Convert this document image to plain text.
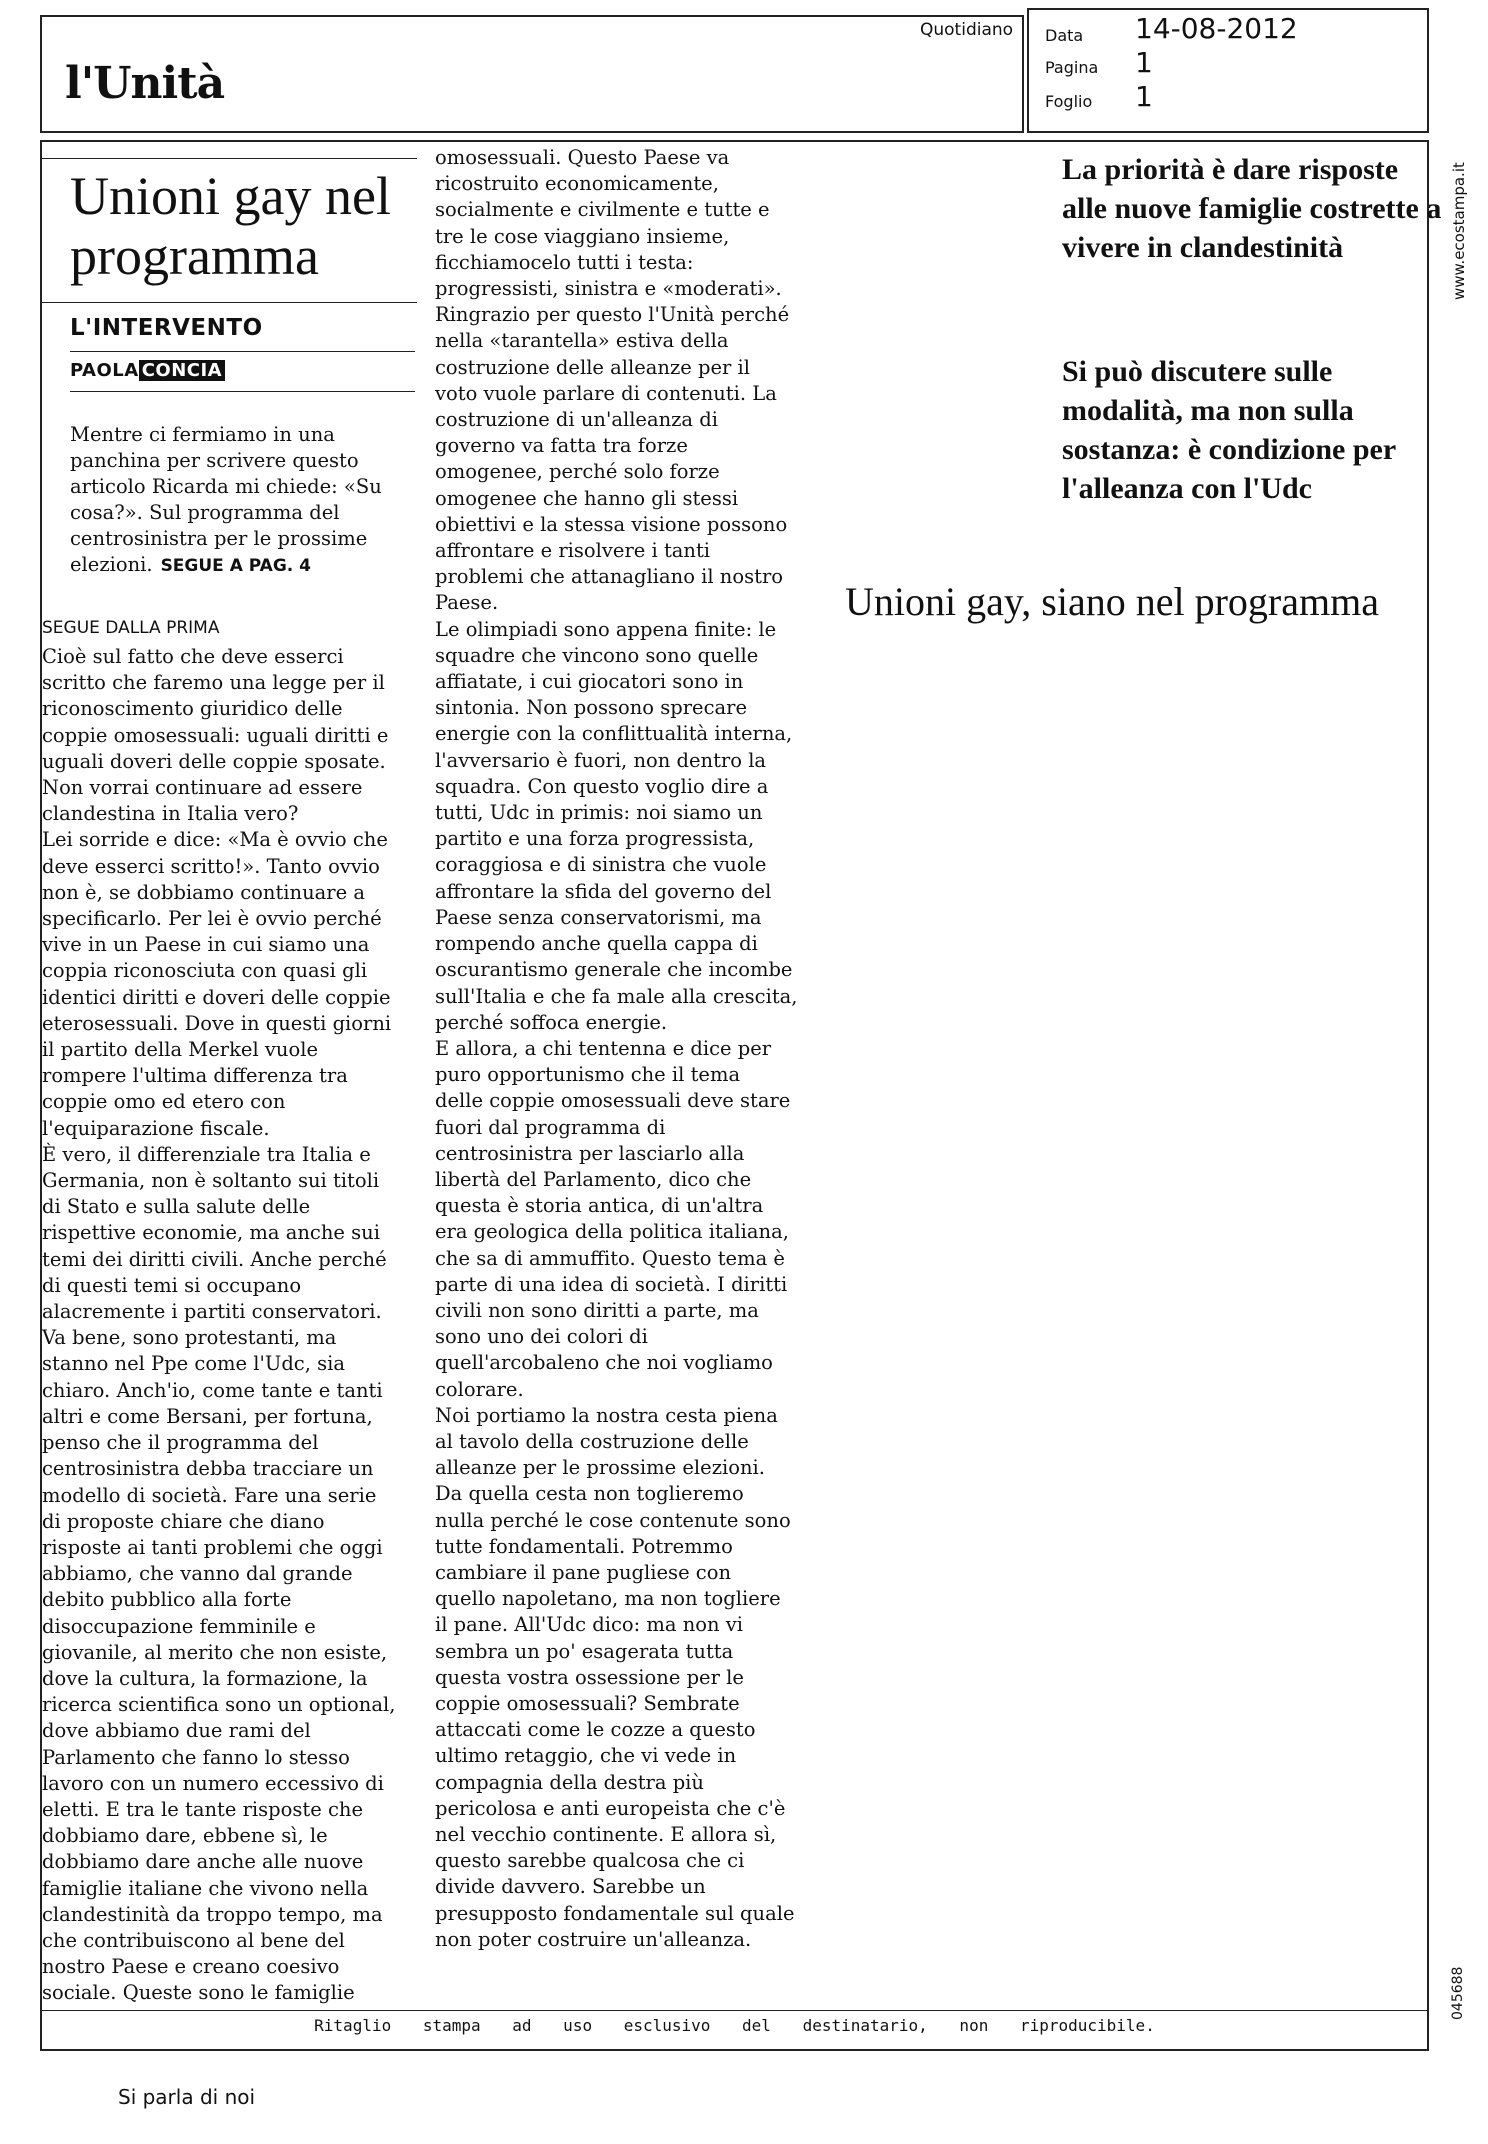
l'Unità
Quotidiano Data 14-08-2012
Pagina 1
Foglio 1
Unioni gay nel programma
L'INTERVENTO
PAOLA CONCIA
Mentre ci fermiamo in una panchina per scrivere questo articolo Ricarda mi chiede: «Su cosa?». Sul programma del centrosinistra per le prossime elezioni. SEGUE A PAG. 4
SEGUE DALLA PRIMA
Cioè sul fatto che deve esserci
scritto che faremo una legge per il
riconoscimento giuridico delle
coppie omosessuali: uguali diritti e
uguali doveri delle coppie sposate.
Non vorrai continuare ad essere
clandestina in Italia vero?
Lei sorride e dice: «Ma è ovvio che
deve esserci scritto!». Tanto ovvio
non è, se dobbiamo continuare a
specificarlo. Per lei è ovvio perché
vive in un Paese in cui siamo una
coppia riconosciuta con quasi gli
identici diritti e doveri delle coppie
eterosessuali. Dove in questi giorni
il partito della Merkel vuole
rompere l'ultima differenza tra
coppie omo ed etero con
l'equiparazione fiscale.
È vero, il differenziale tra Italia e
Germania, non è soltanto sui titoli
di Stato e sulla salute delle
rispettive economie, ma anche sui
temi dei diritti civili. Anche perché
di questi temi si occupano
alacremente i partiti conservatori.
Va bene, sono protestanti, ma
stanno nel Ppe come l'Udc, sia
chiaro. Anch'io, come tante e tanti
altri e come Bersani, per fortuna,
penso che il programma del
centrosinistra debba tracciare un
modello di società. Fare una serie
di proposte chiare che diano
risposte ai tanti problemi che oggi
abbiamo, che vanno dal grande
debito pubblico alla forte
disoccupazione femminile e
giovanile, al merito che non esiste,
dove la cultura, la formazione, la
ricerca scientifica sono un optional,
dove abbiamo due rami del
Parlamento che fanno lo stesso
lavoro con un numero eccessivo di
eletti. E tra le tante risposte che
dobbiamo dare, ebbene sì, le
dobbiamo dare anche alle nuove
famiglie italiane che vivono nella
clandestinità da troppo tempo, ma
che contribuiscono al bene del
nostro Paese e creano coesivo
sociale. Queste sono le famiglie
omosessuali. Questo Paese va
ricostruito economicamente,
socialmente e civilmente e tutte e
tre le cose viaggiano insieme,
ficchiamocelo tutti i testa:
progressisti, sinistra e «moderati».
Ringrazio per questo l'Unità perché
nella «tarantella» estiva della
costruzione delle alleanze per il
voto vuole parlare di contenuti. La
costruzione di un'alleanza di
governo va fatta tra forze
omogenee, perché solo forze
omogenee che hanno gli stessi
obiettivi e la stessa visione possono
affrontare e risolvere i tanti
problemi che attanagliano il nostro
Paese.
Le olimpiadi sono appena finite: le
squadre che vincono sono quelle
affiatate, i cui giocatori sono in
sintonia. Non possono sprecare
energie con la conflittualità interna,
l'avversario è fuori, non dentro la
squadra. Con questo voglio dire a
tutti, Udc in primis: noi siamo un
partito e una forza progressista,
coraggiosa e di sinistra che vuole
affrontare la sfida del governo del
Paese senza conservatorismi, ma
rompendo anche quella cappa di
oscurantismo generale che incombe
sull'Italia e che fa male alla crescita,
perché soffoca energie.
E allora, a chi tentenna e dice per
puro opportunismo che il tema
delle coppie omosessuali deve stare
fuori dal programma di
centrosinistra per lasciarlo alla
libertà del Parlamento, dico che
questa è storia antica, di un'altra
era geologica della politica italiana,
che sa di ammuffito. Questo tema è
parte di una idea di società. I diritti
civili non sono diritti a parte, ma
sono uno dei colori di
quell'arcobaleno che noi vogliamo
colorare.
Noi portiamo la nostra cesta piena
al tavolo della costruzione delle
alleanze per le prossime elezioni.
Da quella cesta non toglieremo
nulla perché le cose contenute sono
tutte fondamentali. Potremmo
cambiare il pane pugliese con
quello napoletano, ma non togliere
il pane. All'Udc dico: ma non vi
sembra un po' esagerata tutta
questa vostra ossessione per le
coppie omosessuali? Sembrate
attaccati come le cozze a questo
ultimo retaggio, che vi vede in
compagnia della destra più
pericolosa e anti europeista che c'è
nel vecchio continente. E allora sì,
questo sarebbe qualcosa che ci
divide davvero. Sarebbe un
presupposto fondamentale sul quale
non poter costruire un'alleanza.
La priorità è dare risposte alle nuove famiglie costrette a vivere in clandestinità
Si può discutere sulle modalità, ma non sulla sostanza: è condizione per l'alleanza con l'Udc
Unioni gay, siano nel programma
www.ecostampa.it
045688
Ritaglio stampa ad uso esclusivo del destinatario, non riproducibile.
Si parla di noi
